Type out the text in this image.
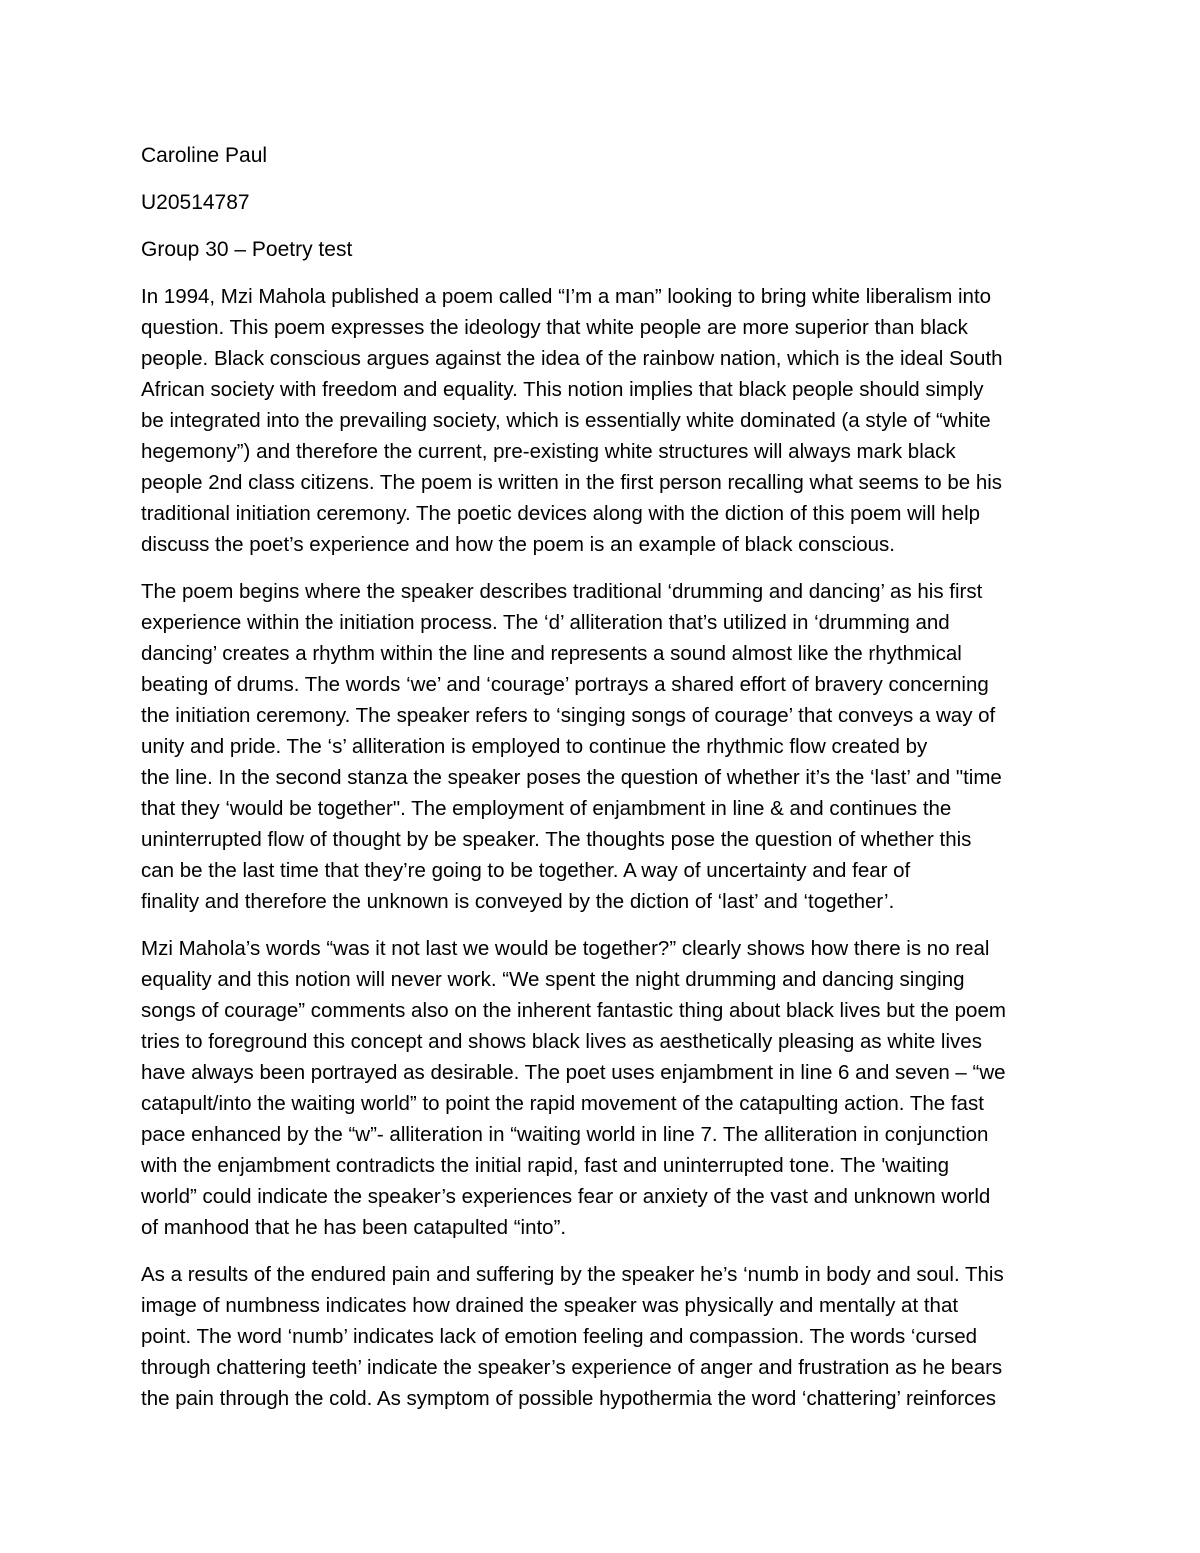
Caroline Paul
U20514787
Group 30 – Poetry test
In 1994, Mzi Mahola published a poem called “I’m a man” looking to bring white liberalism into
question. This poem expresses the ideology that white people are more superior than black
people. Black conscious argues against the idea of the rainbow nation, which is the ideal South
African society with freedom and equality. This notion implies that black people should simply
be integrated into the prevailing society, which is essentially white dominated (a style of “white
hegemony”) and therefore the current, pre-existing white structures will always mark black
people 2nd class citizens. The poem is written in the first person recalling what seems to be his
traditional initiation ceremony. The poetic devices along with the diction of this poem will help
discuss the poet’s experience and how the poem is an example of black conscious.
The poem begins where the speaker describes traditional ‘drumming and dancing’ as his first
experience within the initiation process. The ‘d’ alliteration that’s utilized in ‘drumming and
dancing’ creates a rhythm within the line and represents a sound almost like the rhythmical
beating of drums. The words ‘we’ and ‘courage’ portrays a shared effort of bravery concerning
the initiation ceremony. The speaker refers to ‘singing songs of courage’ that conveys a way of
unity and pride. The ‘s’ alliteration is employed to continue the rhythmic flow created by
the line. In the second stanza the speaker poses the question of whether it’s the ‘last’ and "time
that they ‘would be together". The employment of enjambment in line & and continues the
uninterrupted flow of thought by be speaker. The thoughts pose the question of whether this
can be the last time that they’re going to be together. A way of uncertainty and fear of
finality and therefore the unknown is conveyed by the diction of ‘last’ and ‘together’.
Mzi Mahola’s words “was it not last we would be together?” clearly shows how there is no real
equality and this notion will never work. “We spent the night drumming and dancing singing
songs of courage” comments also on the inherent fantastic thing about black lives but the poem
tries to foreground this concept and shows black lives as aesthetically pleasing as white lives
have always been portrayed as desirable. The poet uses enjambment in line 6 and seven – “we
catapult/into the waiting world” to point the rapid movement of the catapulting action. The fast
pace enhanced by the “w”- alliteration in “waiting world in line 7. The alliteration in conjunction
with the enjambment contradicts the initial rapid, fast and uninterrupted tone. The 'waiting
world” could indicate the speaker’s experiences fear or anxiety of the vast and unknown world
of manhood that he has been catapulted “into”.
As a results of the endured pain and suffering by the speaker he’s ‘numb in body and soul. This
image of numbness indicates how drained the speaker was physically and mentally at that
point. The word ‘numb’ indicates lack of emotion feeling and compassion. The words ‘cursed
through chattering teeth’ indicate the speaker’s experience of anger and frustration as he bears
the pain through the cold. As symptom of possible hypothermia the word ‘chattering’ reinforces
